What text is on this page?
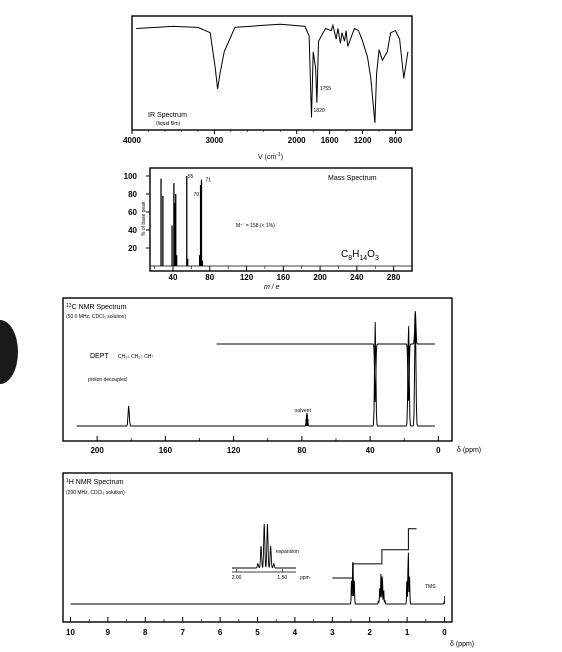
4000	3000	2000 1600 1200 800
IR Spectrum
(liquid film)
1755
1820
V $(cm^{-1})$
55
70
71
100
80
60
40
20
40	80	120	160	200	240	280
Mass Spectrum
% of base peak
m / e
M⁺˙ = 158 (< 1%)
$C_8H_{14}O_3$
$^{13}$C NMR Spectrum
(50.0 MHz, CDCl₃ solution)
DEPT CH₃↓ CH₂↑ CH↑
proton decoupled
solvent
200	160	120	80	40	0 δ (ppm)
$^1$H NMR Spectrum
(200 MHz, CDCl₃ solution)
expansion
TMS
2.00	1.50	ppm
10	9	8	7	6	5	4	3	2	1	0
δ (ppm)
